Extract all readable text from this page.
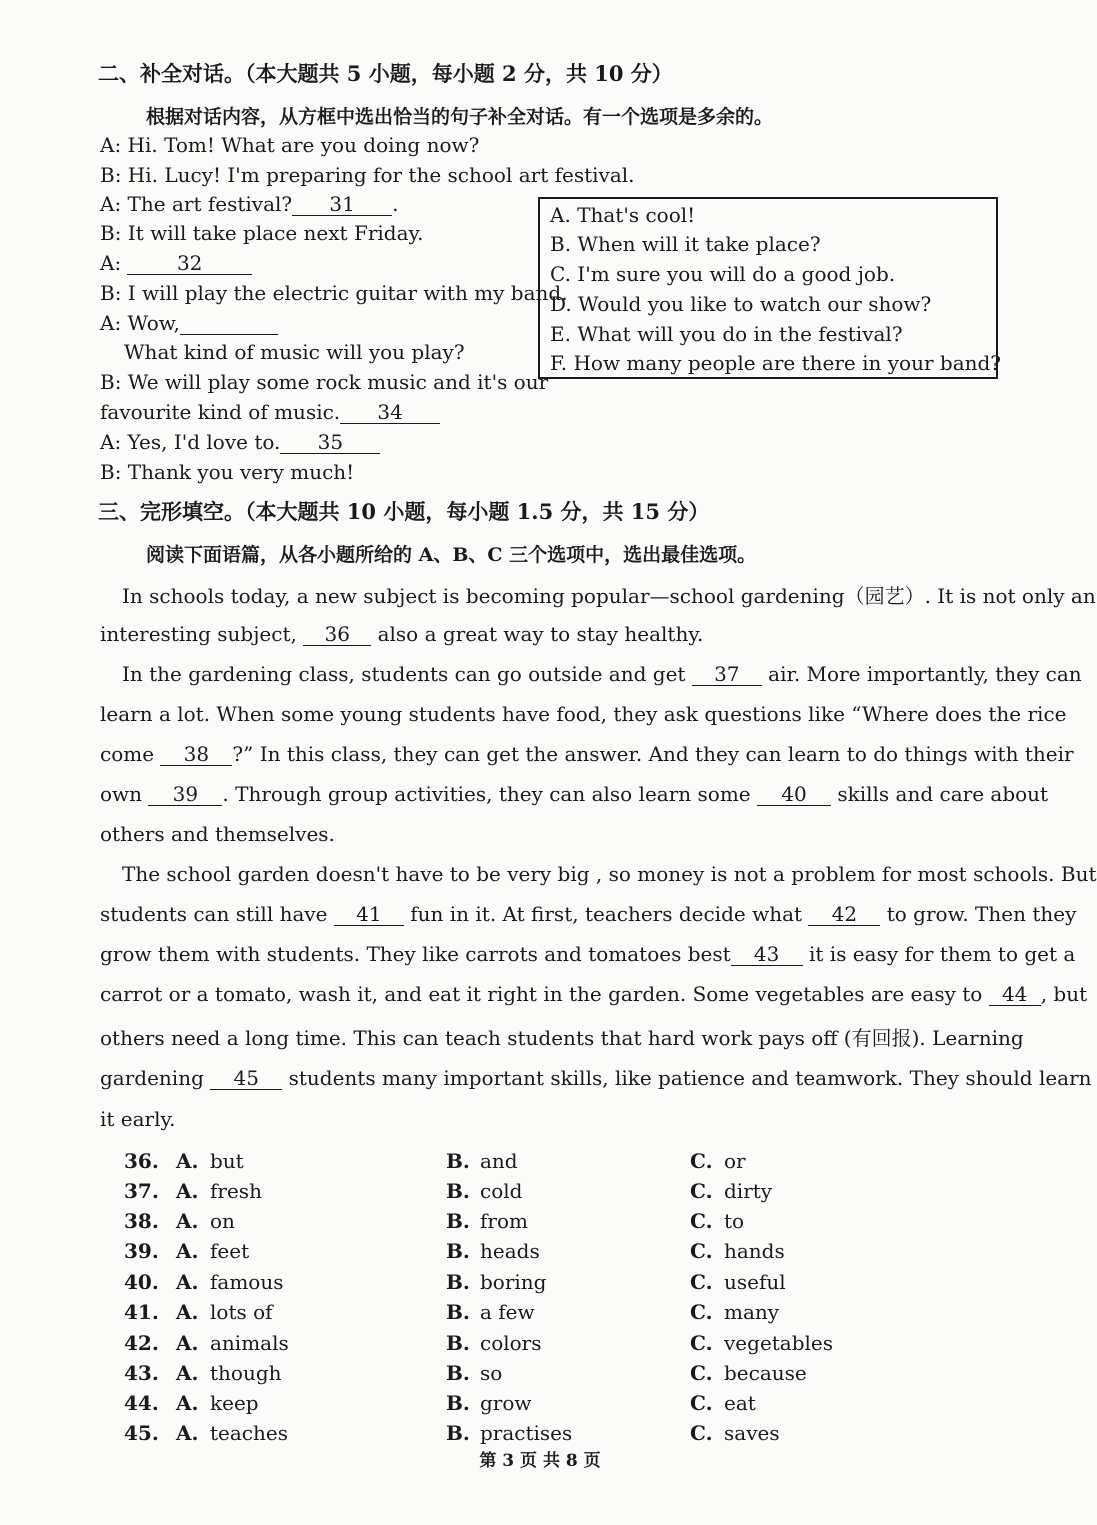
二、补全对话。（本大题共 5 小题，每小题 2 分，共 10 分）
根据对话内容，从方框中选出恰当的句子补全对话。有一个选项是多余的。
A: Hi. Tom! What are you doing now?
B: Hi. Lucy! I'm preparing for the school art festival.
A: The art festival? 31 .
B: It will take place next Friday.
A:	32
B: I will play the electric guitar with my band.
A: Wow,
What kind of music will you play?
B: We will play some rock music and it's our
favourite kind of music. 34
A: Yes, I'd love to. 35
B: Thank you very much!
A. That's cool!
B. When will it take place?
C. I'm sure you will do a good job.
D. Would you like to watch our show?
E. What will you do in the festival?
F. How many people are there in your band?
三、完形填空。（本大题共 10 小题，每小题 1.5 分，共 15 分）
阅读下面语篇，从各小题所给的 A、B、C 三个选项中，选出最佳选项。
In schools today, a new subject is becoming popular—school gardening（园艺）. It is not only an
interesting subject, 36 also a great way to stay healthy.
In the gardening class, students can go outside and get 37 air. More importantly, they can
learn a lot. When some young students have food, they ask questions like “Where does the rice
come 38 ?” In this class, they can get the answer. And they can learn to do things with their
own 39 . Through group activities, they can also learn some 40 skills and care about
others and themselves.
The school garden doesn't have to be very big , so money is not a problem for most schools. But
students can still have 41 fun in it. At first, teachers decide what 42 to grow. Then they
grow them with students. They like carrots and tomatoes best 43 it is easy for them to get a
carrot or a tomato, wash it, and eat it right in the garden. Some vegetables are easy to 44 , but
others need a long time. This can teach students that hard work pays off (有回报). Learning
gardening 45 students many important skills, like patience and teamwork. They should learn
it early.
36. A. but	B. and	C. or
37. A. fresh	B. cold	C. dirty
38. A. on	B. from	C. to
39. A. feet	B. heads	C. hands
40. A. famous	B. boring	C. useful
41. A. lots of	B. a few	C. many
42. A. animals	B. colors	C. vegetables
43. A. though	B. so	C. because
44. A. keep	B. grow	C. eat
45. A. teaches	B. practises	C. saves
第 3 页 共 8 页
